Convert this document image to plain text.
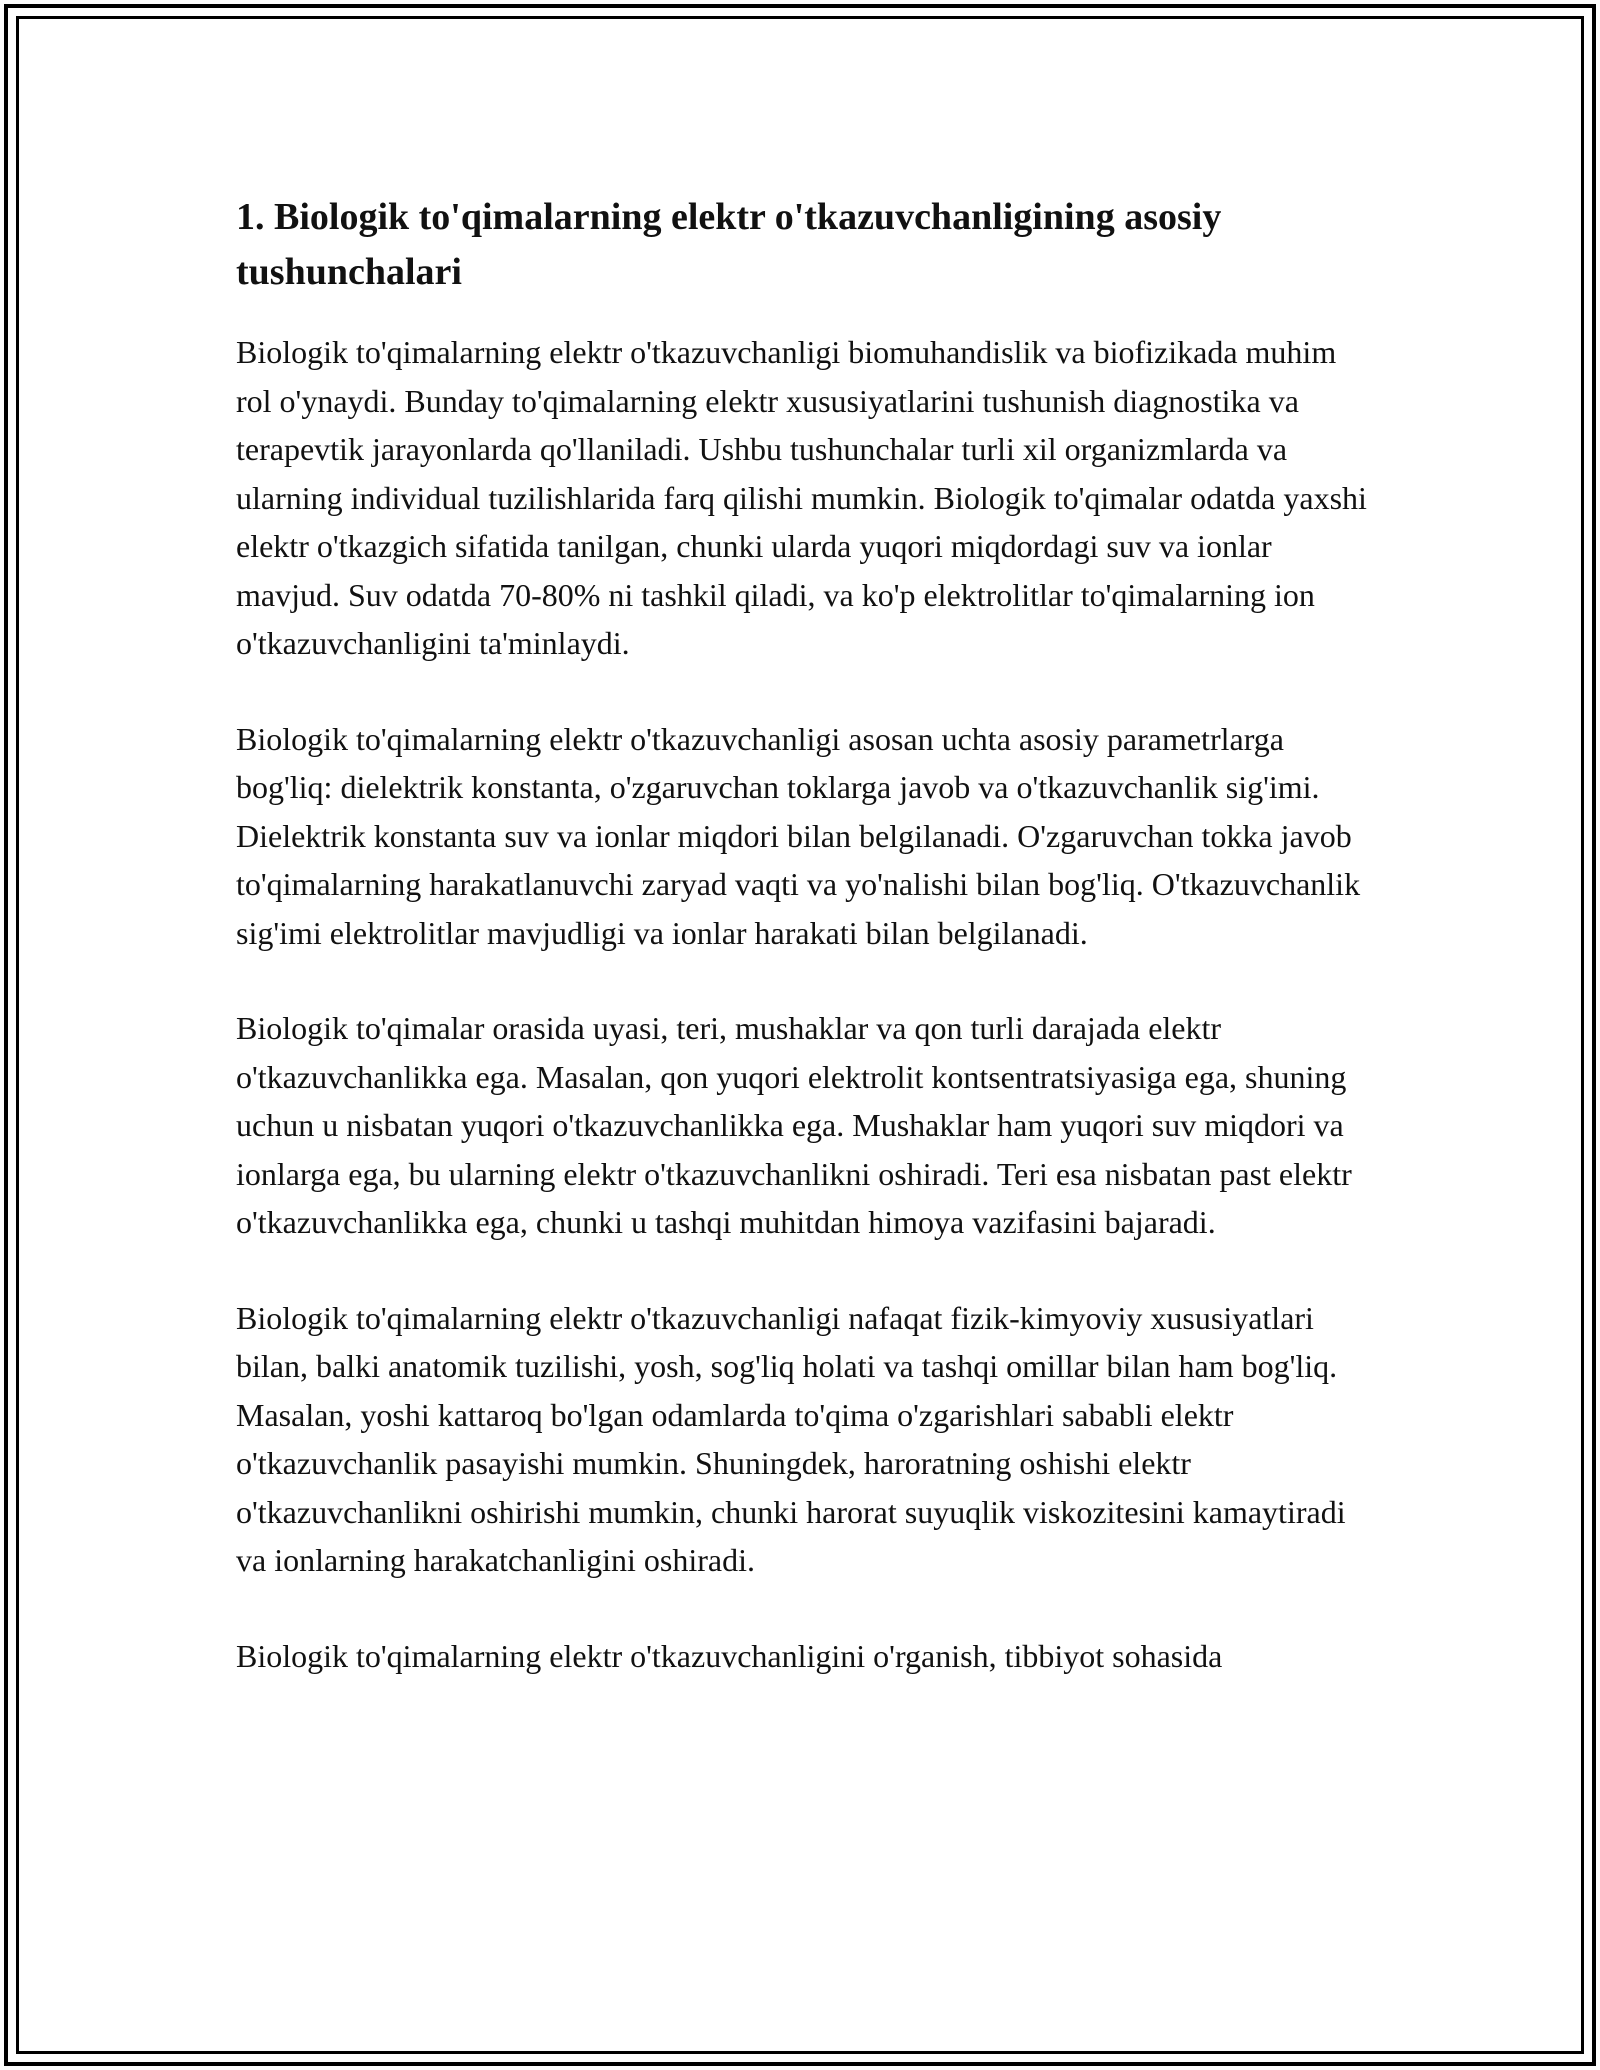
1. Biologik to'qimalarning elektr o'tkazuvchanligining asosiy tushunchalari

Biologik to'qimalarning elektr o'tkazuvchanligi biomuhandislik va biofizikada muhim rol o'ynaydi. Bunday to'qimalarning elektr xususiyatlarini tushunish diagnostika va terapevtik jarayonlarda qo'llaniladi. Ushbu tushunchalar turli xil organizmlarda va ularning individual tuzilishlarida farq qilishi mumkin. Biologik to'qimalar odatda yaxshi elektr o'tkazgich sifatida tanilgan, chunki ularda yuqori miqdordagi suv va ionlar mavjud. Suv odatda 70-80% ni tashkil qiladi, va ko'p elektrolitlar to'qimalarning ion o'tkazuvchanligini ta'minlaydi.

Biologik to'qimalarning elektr o'tkazuvchanligi asosan uchta asosiy parametrlarga bog'liq: dielektrik konstanta, o'zgaruvchan toklarga javob va o'tkazuvchanlik sig'imi. Dielektrik konstanta suv va ionlar miqdori bilan belgilanadi. O'zgaruvchan tokka javob to'qimalarning harakatlanuvchi zaryad vaqti va yo'nalishi bilan bog'liq. O'tkazuvchanlik sig'imi elektrolitlar mavjudligi va ionlar harakati bilan belgilanadi.

Biologik to'qimalar orasida uyasi, teri, mushaklar va qon turli darajada elektr o'tkazuvchanlikka ega. Masalan, qon yuqori elektrolit kontsentratsiyasiga ega, shuning uchun u nisbatan yuqori o'tkazuvchanlikka ega. Mushaklar ham yuqori suv miqdori va ionlarga ega, bu ularning elektr o'tkazuvchanlikni oshiradi. Teri esa nisbatan past elektr o'tkazuvchanlikka ega, chunki u tashqi muhitdan himoya vazifasini bajaradi.

Biologik to'qimalarning elektr o'tkazuvchanligi nafaqat fizik-kimyoviy xususiyatlari bilan, balki anatomik tuzilishi, yosh, sog'liq holati va tashqi omillar bilan ham bog'liq. Masalan, yoshi kattaroq bo'lgan odamlarda to'qima o'zgarishlari sababli elektr o'tkazuvchanlik pasayishi mumkin. Shuningdek, haroratning oshishi elektr o'tkazuvchanlikni oshirishi mumkin, chunki harorat suyuqlik viskozitesini kamaytiradi va ionlarning harakatchanligini oshiradi.

Biologik to'qimalarning elektr o'tkazuvchanligini o'rganish, tibbiyot sohasida
